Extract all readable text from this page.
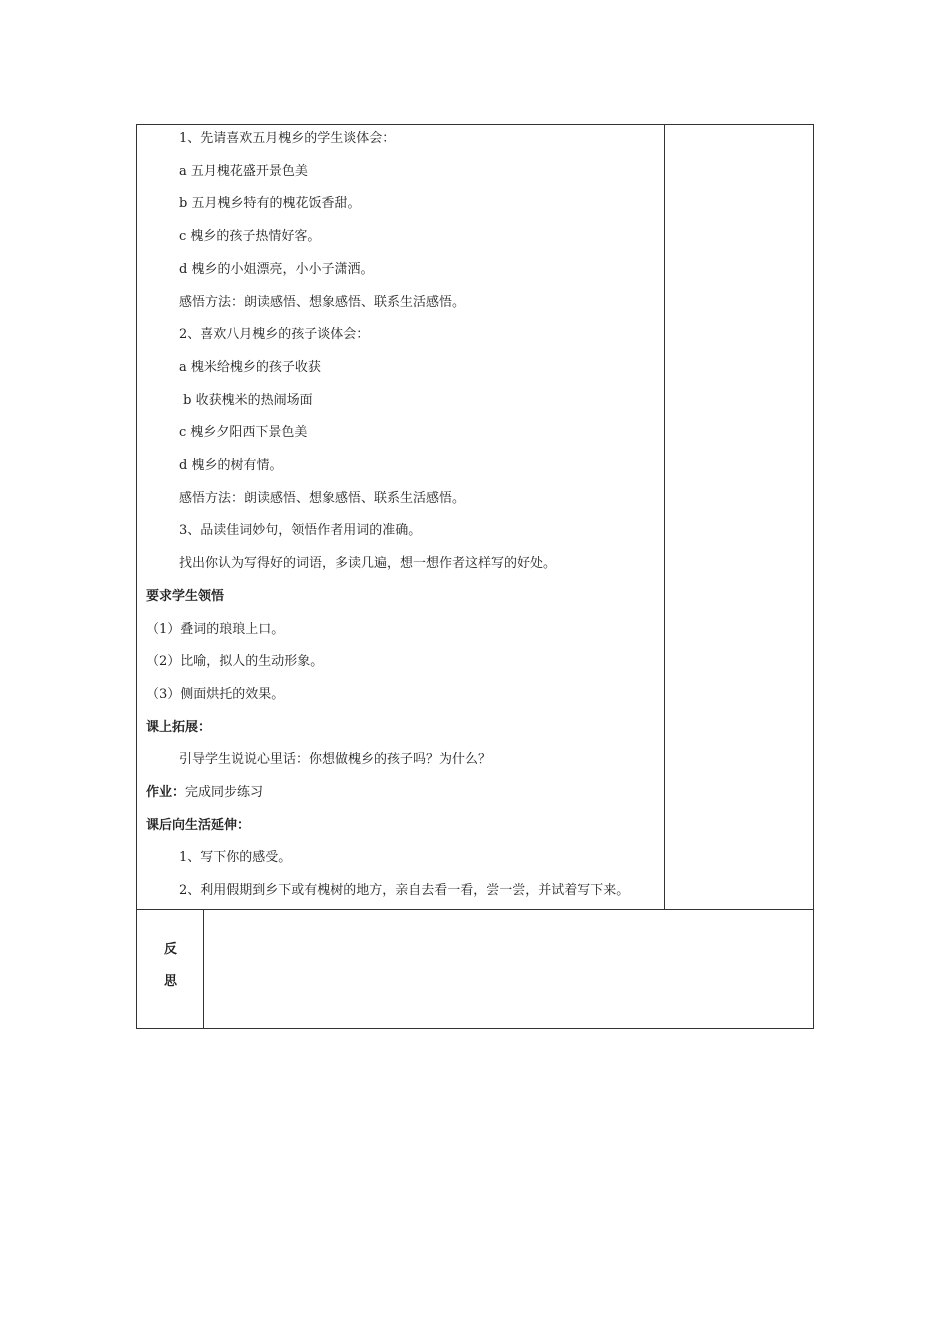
1、先请喜欢五月槐乡的学生谈体会：
a 五月槐花盛开景色美
b 五月槐乡特有的槐花饭香甜。
c 槐乡的孩子热情好客。
d 槐乡的小姐漂亮，小小子潇洒。
感悟方法：朗读感悟、想象感悟、联系生活感悟。
2、喜欢八月槐乡的孩子谈体会：
a 槐米给槐乡的孩子收获
b 收获槐米的热闹场面
c 槐乡夕阳西下景色美
d 槐乡的树有情。
感悟方法：朗读感悟、想象感悟、联系生活感悟。
3、品读佳词妙句，领悟作者用词的准确。
找出你认为写得好的词语，多读几遍，想一想作者这样写的好处。
要求学生领悟
（1）叠词的琅琅上口。
（2）比喻，拟人的生动形象。
（3）侧面烘托的效果。
课上拓展：
引导学生说说心里话：你想做槐乡的孩子吗？为什么？
作业：完成同步练习
课后向生活延伸：
1、写下你的感受。
2、利用假期到乡下或有槐树的地方，亲自去看一看，尝一尝，并试着写下来。
反
思
